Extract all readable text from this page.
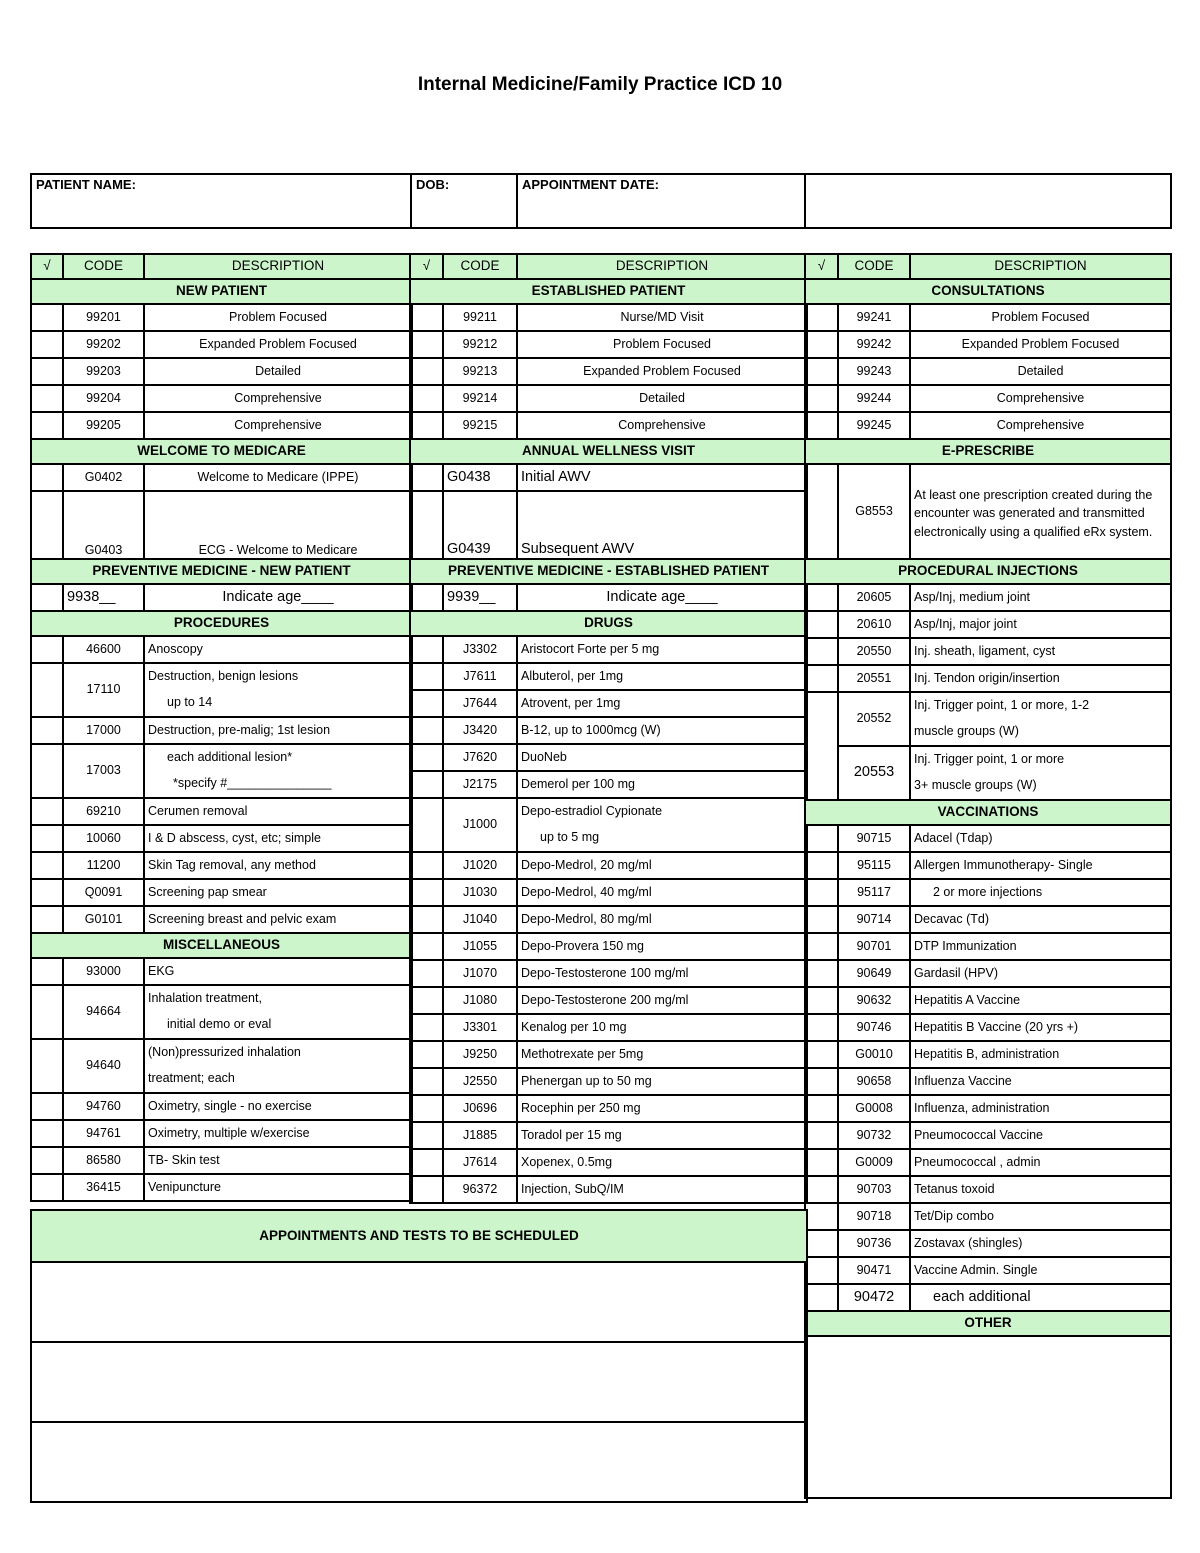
Internal Medicine/Family Practice ICD 10
PATIENT NAME:	DOB:	APPOINTMENT DATE:	
√	CODE	DESCRIPTION
NEW PATIENT		
	99201	Problem Focused
	99202	Expanded Problem Focused
	99203	Detailed
	99204	Comprehensive
	99205	Comprehensive
WELCOME TO MEDICARE		
	G0402	Welcome to Medicare (IPPE)
	G0403	ECG - Welcome to Medicare
PREVENTIVE MEDICINE - NEW PATIENT		
	9938__	Indicate age____
PROCEDURES		
	46600	Anoscopy
	17110	Destruction, benign lesions
		up to 14
	17000	Destruction, pre-malig; 1st lesion
	17003	each additional lesion*
		*specify #_______________
	69210	Cerumen removal
	10060	I & D abscess, cyst, etc; simple
	11200	Skin Tag removal, any method
	Q0091	Screening pap smear
	G0101	Screening breast and pelvic exam
MISCELLANEOUS		
	93000	EKG
	94664	Inhalation treatment,
		initial demo or eval
	94640	(Non)pressurized inhalation
		treatment; each
	94760	Oximetry, single - no exercise
	94761	Oximetry, multiple w/exercise
	86580	TB- Skin test
	36415	Venipuncture
√	CODE	DESCRIPTION
ESTABLISHED PATIENT		
	99211	Nurse/MD Visit
	99212	Problem Focused
	99213	Expanded Problem Focused
	99214	Detailed
	99215	Comprehensive
ANNUAL WELLNESS VISIT		
	G0438	Initial AWV
	G0439	Subsequent AWV
PREVENTIVE MEDICINE - ESTABLISHED PATIENT		
	9939__	Indicate age____
DRUGS		
	J3302	Aristocort Forte per 5 mg
	J7611	Albuterol, per 1mg
	J7644	Atrovent, per 1mg
	J3420	B-12, up to 1000mcg (W)
	J7620	DuoNeb
	J2175	Demerol per 100 mg
	J1000	Depo-estradiol Cypionate
		up to 5 mg
	J1020	Depo-Medrol, 20 mg/ml
	J1030	Depo-Medrol, 40 mg/ml
	J1040	Depo-Medrol, 80 mg/ml
	J1055	Depo-Provera 150 mg
	J1070	Depo-Testosterone 100 mg/ml
	J1080	Depo-Testosterone 200 mg/ml
	J3301	Kenalog per 10 mg
	J9250	Methotrexate per 5mg
	J2550	Phenergan up to 50 mg
	J0696	Rocephin per 250 mg
	J1885	Toradol per 15 mg
	J7614	Xopenex, 0.5mg
	96372	Injection, SubQ/IM
√	CODE	DESCRIPTION
CONSULTATIONS		
	99241	Problem Focused
	99242	Expanded Problem Focused
	99243	Detailed
	99244	Comprehensive
	99245	Comprehensive
E-PRESCRIBE		
	G8553	At least one prescription created during the encounter was generated and transmitted electronically using a qualified eRx system.
PROCEDURAL INJECTIONS		
	20605	Asp/Inj, medium joint
	20610	Asp/Inj, major joint
	20550	Inj. sheath, ligament, cyst
	20551	Inj. Tendon origin/insertion
	20552	Inj. Trigger point, 1 or more, 1-2
		muscle groups (W)
	20553	Inj. Trigger point, 1 or more
		3+ muscle groups (W)
VACCINATIONS		
	90715	Adacel (Tdap)
	95115	Allergen Immunotherapy- Single
	95117	2 or more injections
	90714	Decavac (Td)
	90701	DTP Immunization
	90649	Gardasil (HPV)
	90632	Hepatitis A Vaccine
	90746	Hepatitis B Vaccine (20 yrs +)
	G0010	Hepatitis B, administration
	90658	Influenza Vaccine
	G0008	Influenza, administration
	90732	Pneumococcal Vaccine
	G0009	Pneumococcal , admin
	90703	Tetanus toxoid
	90718	Tet/Dip combo
	90736	Zostavax (shingles)
	90471	Vaccine Admin. Single
	90472	each additional
OTHER		

APPOINTMENTS AND TESTS TO BE SCHEDULED
